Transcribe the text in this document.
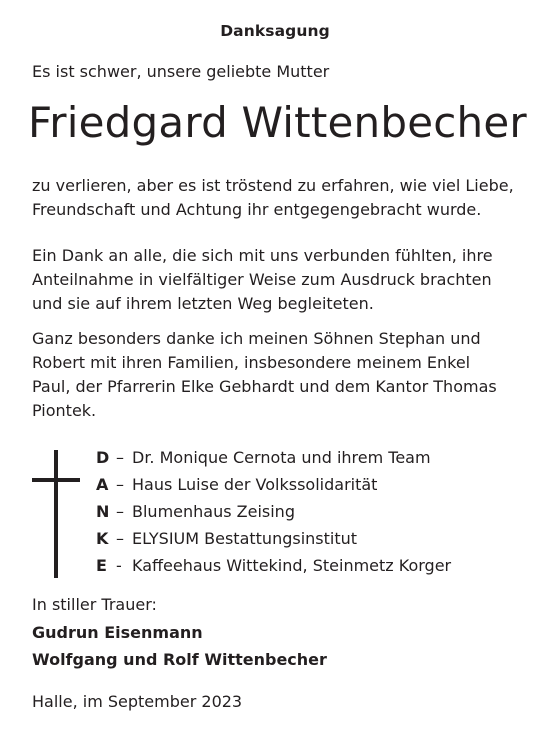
Danksagung
Es ist schwer, unsere geliebte Mutter
Friedgard Wittenbecher
zu verlieren, aber es ist tröstend zu erfahren, wie viel Liebe,
Freundschaft und Achtung ihr entgegengebracht wurde.
Ein Dank an alle, die sich mit uns verbunden fühlten, ihre
Anteilnahme in vielfältiger Weise zum Ausdruck brachten
und sie auf ihrem letzten Weg begleiteten.
Ganz besonders danke ich meinen Söhnen Stephan und
Robert mit ihren Familien, insbesondere meinem Enkel
Paul, der Pfarrerin Elke Gebhardt und dem Kantor Thomas
Piontek.
D – Dr. Monique Cernota und ihrem Team
A – Haus Luise der Volkssolidarität
N – Blumenhaus Zeising
K – ELYSIUM Bestattungsinstitut
E - Kaffeehaus Wittekind, Steinmetz Korger
In stiller Trauer:
Gudrun Eisenmann
Wolfgang und Rolf Wittenbecher
Halle, im September 2023
